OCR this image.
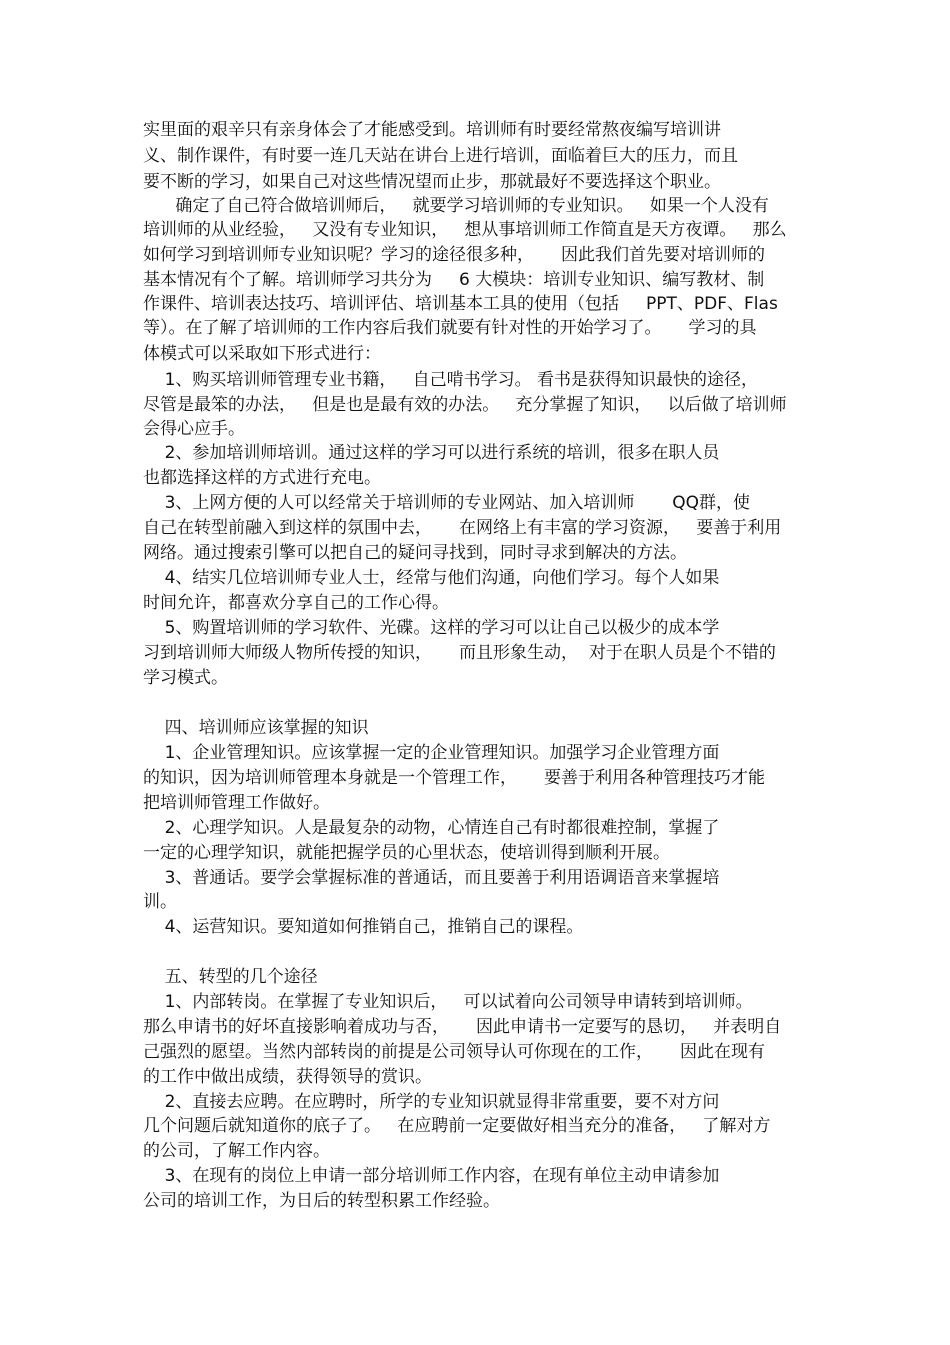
实里面的艰辛只有亲身体会了才能感受到。培训师有时要经常熬夜编写培训讲
义、制作课件，有时要一连几天站在讲台上进行培训，面临着巨大的压力，而且
要不断的学习，如果自己对这些情况望而止步，那就最好不要选择这个职业。
确定了自己符合做培训师后，   就要学习培训师的专业知识。   如果一个人没有
培训师的从业经验，   又没有专业知识，   想从事培训师工作简直是天方夜谭。   那么
如何学习到培训师专业知识呢？学习的途径很多种，     因此我们首先要对培训师的
基本情况有个了解。培训师学习共分为     6 大模块：培训专业知识、编写教材、制
作课件、培训表达技巧、培训评估、培训基本工具的使用（包括     PPT、PDF、Flas
等）。在了解了培训师的工作内容后我们就要有针对性的开始学习了。     学习的具
体模式可以采取如下形式进行：
1、购买培训师管理专业书籍，   自己啃书学习。 看书是获得知识最快的途径，
尽管是最笨的办法，   但是也是最有效的办法。   充分掌握了知识，   以后做了培训师
会得心应手。
2、参加培训师培训。通过这样的学习可以进行系统的培训，很多在职人员
也都选择这样的方式进行充电。
3、上网方便的人可以经常关于培训师的专业网站、加入培训师       QQ群，使
自己在转型前融入到这样的氛围中去，     在网络上有丰富的学习资源，   要善于利用
网络。通过搜索引擎可以把自己的疑问寻找到，同时寻求到解决的方法。
4、结实几位培训师专业人士，经常与他们沟通，向他们学习。每个人如果
时间允许，都喜欢分享自己的工作心得。
5、购置培训师的学习软件、光碟。这样的学习可以让自己以极少的成本学
习到培训师大师级人物所传授的知识，     而且形象生动，  对于在职人员是个不错的
学习模式。
四、培训师应该掌握的知识
1、企业管理知识。应该掌握一定的企业管理知识。加强学习企业管理方面
的知识，因为培训师管理本身就是一个管理工作，     要善于利用各种管理技巧才能
把培训师管理工作做好。
2、心理学知识。人是最复杂的动物，心情连自己有时都很难控制，掌握了
一定的心理学知识，就能把握学员的心里状态，使培训得到顺利开展。
3、普通话。要学会掌握标准的普通话，而且要善于利用语调语音来掌握培
训。
4、运营知识。要知道如何推销自己，推销自己的课程。
五、转型的几个途径
1、内部转岗。在掌握了专业知识后，   可以试着向公司领导申请转到培训师。
那么申请书的好坏直接影响着成功与否，     因此申请书一定要写的恳切，   并表明自
己强烈的愿望。当然内部转岗的前提是公司领导认可你现在的工作，     因此在现有
的工作中做出成绩，获得领导的赏识。
2、直接去应聘。在应聘时，所学的专业知识就显得非常重要，要不对方问
几个问题后就知道你的底子了。   在应聘前一定要做好相当充分的准备，   了解对方
的公司，了解工作内容。
3、在现有的岗位上申请一部分培训师工作内容，在现有单位主动申请参加
公司的培训工作，为日后的转型积累工作经验。
